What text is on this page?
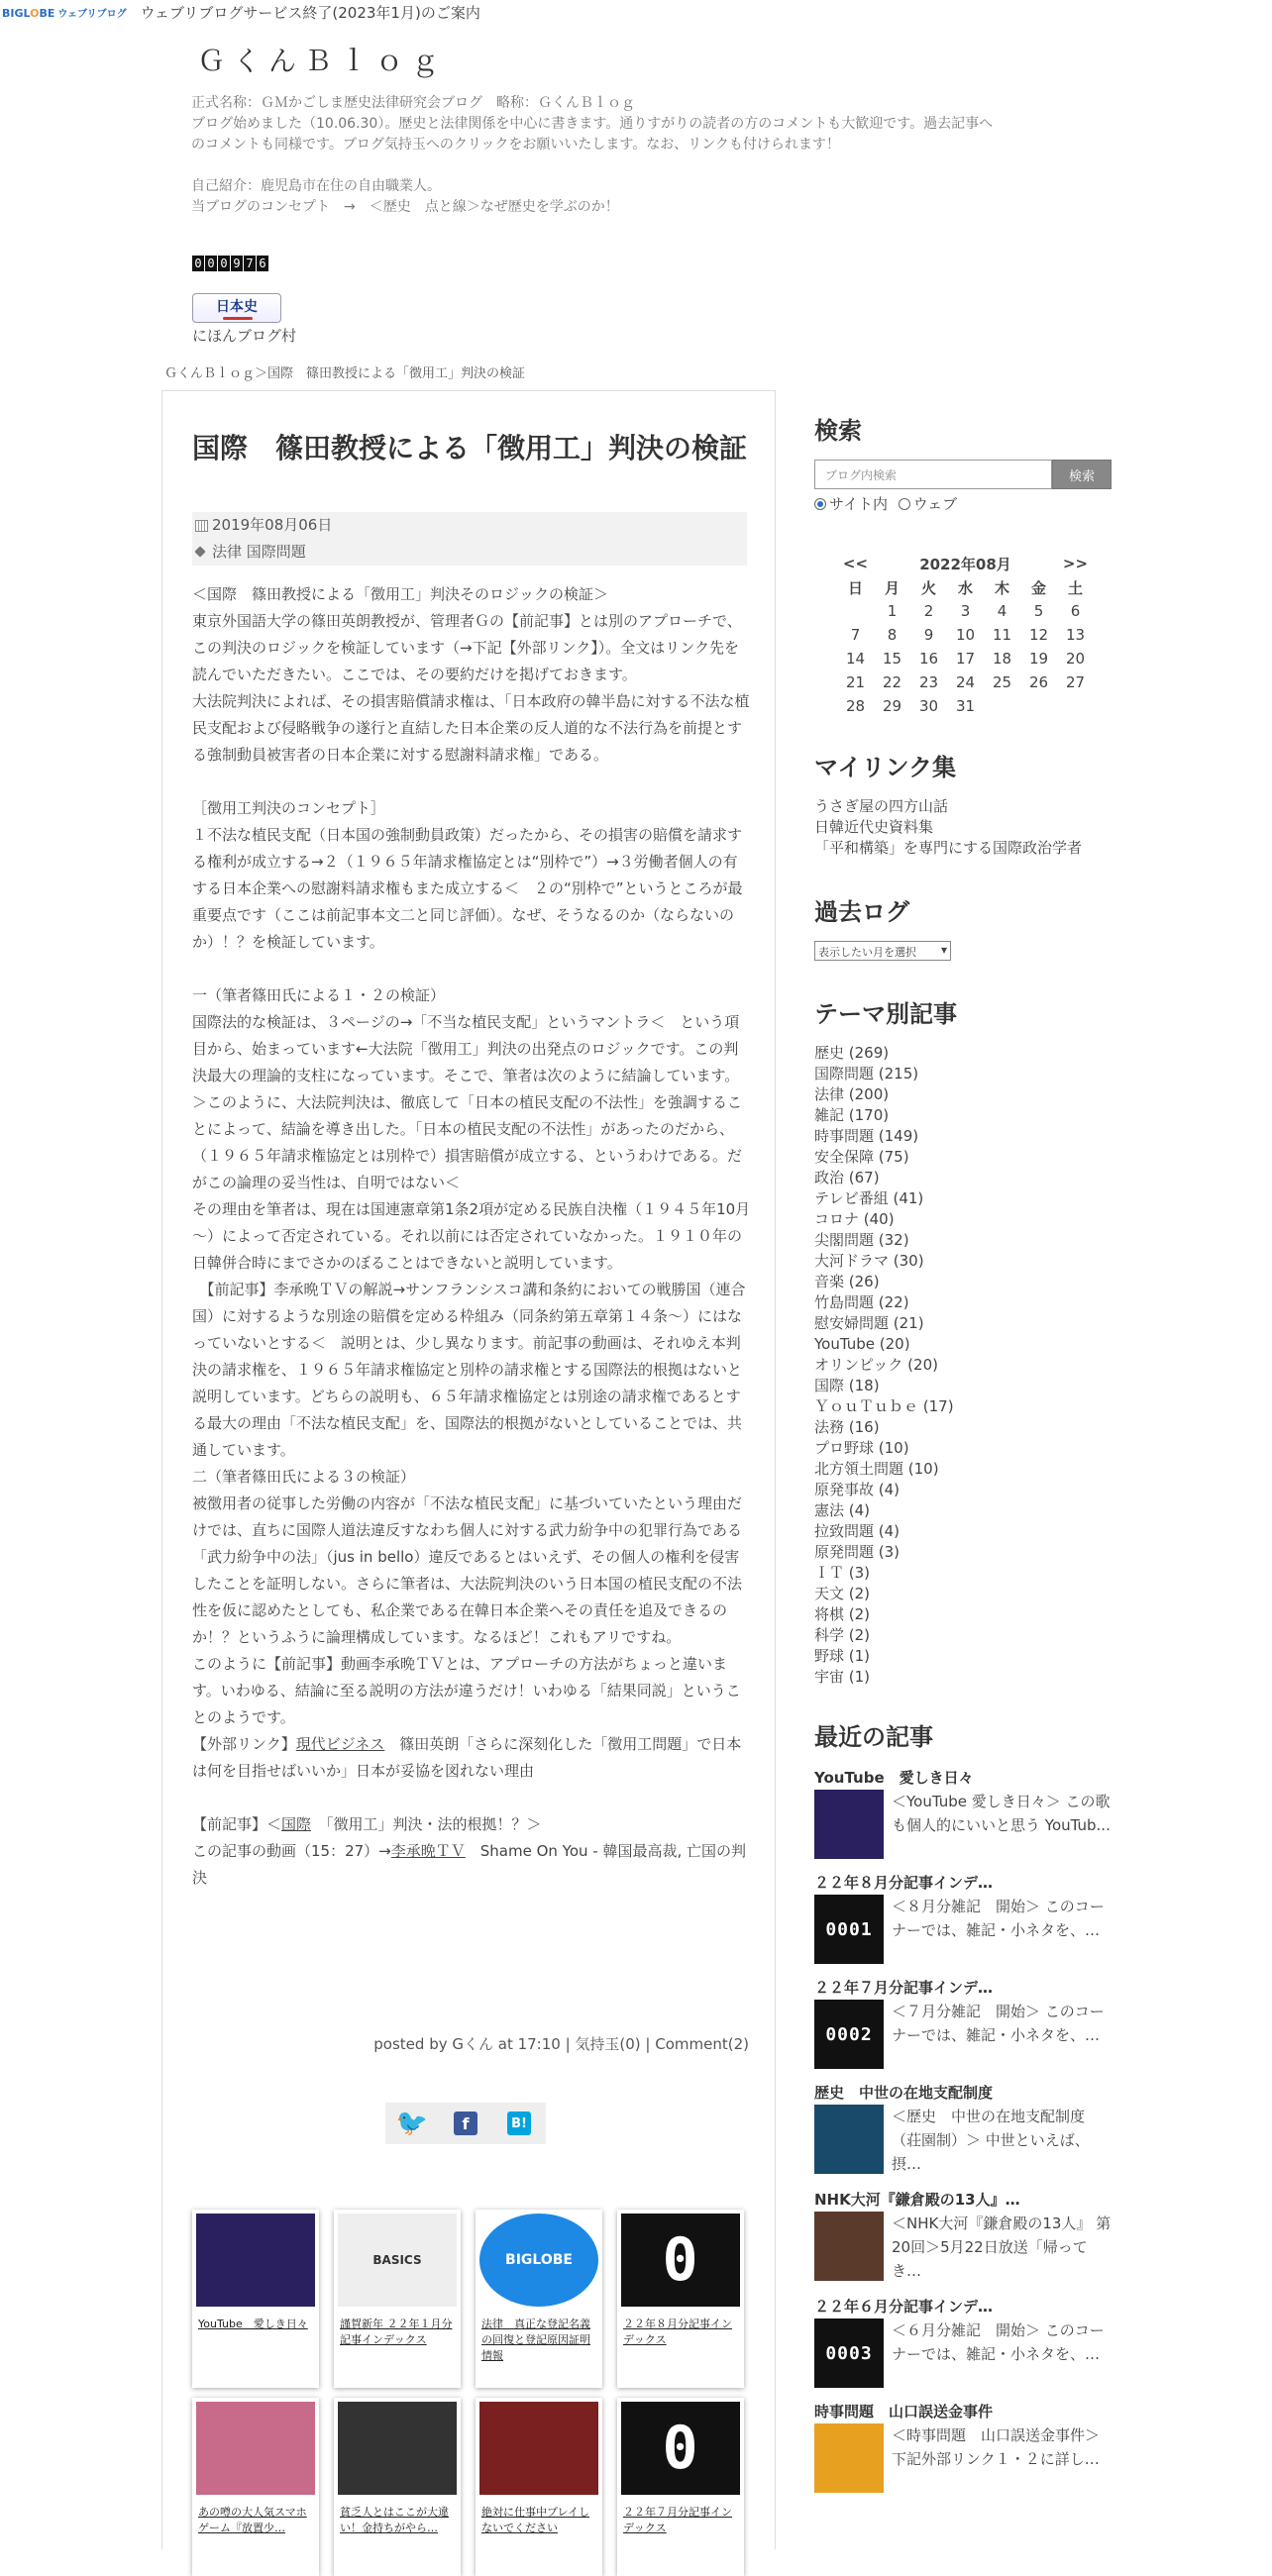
BIGLOBE ウェブリブログ ウェブリブログサービス終了(2023年1月)のご案内
ＧくんＢｌｏｇ
正式名称：ＧＭかごしま歴史法律研究会ブログ　略称：ＧくんＢｌｏｇ
ブログ始めました（10.06.30）。歴史と法律関係を中心に書きます。通りすがりの読者の方のコメントも大歓迎です。過去記事へ
のコメントも同様です。ブログ気持玉へのクリックをお願いいたします。なお、リンクも付けられます！

自己紹介：鹿児島市在住の自由職業人。
当ブログのコンセプト　→　＜歴史　点と線＞なぜ歴史を学ぶのか！
0 0 0 9 7 6
日本史
にほんブログ村
ＧくんＢｌｏｇ＞国際　篠田教授による「徴用工」判決の検証
国際　篠田教授による「徴用工」判決の検証
2019年08月06日
法律 国際問題

＜国際　篠田教授による「徴用工」判決そのロジックの検証＞
東京外国語大学の篠田英朗教授が、管理者Ｇの【前記事】とは別のアプローチで、この判決のロジックを検証しています（→下記【外部リンク】）。全文はリンク先を読んでいただきたい。ここでは、その要約だけを掲げておきます。
大法院判決によれば、その損害賠償請求権は、「日本政府の韓半島に対する不法な植民支配および侵略戦争の遂行と直結した日本企業の反人道的な不法行為を前提とする強制動員被害者の日本企業に対する慰謝料請求権」である。

［徴用工判決のコンセプト］
１不法な植民支配（日本国の強制動員政策）だったから、その損害の賠償を請求する権利が成立する→２（１９６５年請求権協定とは“別枠で”）→３労働者個人の有する日本企業への慰謝料請求権もまた成立する＜　２の“別枠で”というところが最重要点です（ここは前記事本文二と同じ評価）。なぜ、そうなるのか（ならないのか）！？を検証しています。

一（筆者篠田氏による１・２の検証）
国際法的な検証は、３ページの→「不当な植民支配」というマントラ＜　という項目から、始まっています←大法院「徴用工」判決の出発点のロジックです。この判決最大の理論的支柱になっています。そこで、筆者は次のように結論しています。
＞このように、大法院判決は、徹底して「日本の植民支配の不法性」を強調することによって、結論を導き出した。「日本の植民支配の不法性」があったのだから、（１９６５年請求権協定とは別枠で）損害賠償が成立する、というわけである。だがこの論理の妥当性は、自明ではない＜
その理由を筆者は、現在は国連憲章第1条2項が定める民族自決権（１９４５年10月～）によって否定されている。それ以前には否定されていなかった。１９１０年の日韓併合時にまでさかのぼることはできないと説明しています。
　【前記事】李承晩ＴＶの解説→サンフランシスコ講和条約においての戦勝国（連合国）に対するような別途の賠償を定める枠組み（同条約第五章第１４条～）にはなっていないとする＜　説明とは、少し異なります。前記事の動画は、それゆえ本判決の請求権を、１９６５年請求権協定と別枠の請求権とする国際法的根拠はないと説明しています。どちらの説明も、６５年請求権協定とは別途の請求権であるとする最大の理由「不法な植民支配」を、国際法的根拠がないとしていることでは、共通しています。
二（筆者篠田氏による３の検証）
被徴用者の従事した労働の内容が「不法な植民支配」に基づいていたという理由だけでは、直ちに国際人道法違反すなわち個人に対する武力紛争中の犯罪行為である「武力紛争中の法」（jus in bello）違反であるとはいえず、その個人の権利を侵害したことを証明しない。さらに筆者は、大法院判決のいう日本国の植民支配の不法性を仮に認めたとしても、私企業である在韓日本企業へその責任を追及できるのか！？というふうに論理構成しています。なるほど！これもアリですね。
このように【前記事】動画李承晩ＴＶとは、アプローチの方法がちょっと違います。いわゆる、結論に至る説明の方法が違うだけ！いわゆる「結果同説」ということのようです。

【外部リンク】現代ビジネス　篠田英朗「さらに深刻化した「徴用工問題」で日本は何を目指せばいいか」日本が妥協を図れない理由

【前記事】＜国際　「徴用工」判決・法的根拠！？＞

この記事の動画（15：27）→李承晩ＴＶ　Shame On You - 韓国最高裁, 亡国の判決

posted by Gくん at 17:10 | 気持玉(0) | Comment(2)
🐦	f	B!
YouTube　愛しき日々
BASICS
謹賀新年 ２２年１月分記事インデックス
BIGLOBE
法律　真正な登記名義の回復と登記原因証明情報
0
２２年８月分記事インデックス
あの噂の大人気スマホゲーム『放置少…
貧乏人とはここが大違い！金持ちがやら…
絶対に仕事中プレイしないでください
0
２２年７月分記事インデックス
検索
ブログ内検索	検索
サイト内 ウェブ
<<	2022年08月					>>
日	月	火	水	木	金	土
	1	2	3	4	5	6
7	8	9	10	11	12	13
14	15	16	17	18	19	20
21	22	23	24	25	26	27
28	29	30	31			
マイリンク集
うさぎ屋の四方山話
日韓近代史資料集
「平和構築」を専門にする国際政治学者
過去ログ
表示したい月を選択 ▾
テーマ別記事
歴史 (269)
国際問題 (215)
法律 (200)
雑記 (170)
時事問題 (149)
安全保障 (75)
政治 (67)
テレビ番組 (41)
コロナ (40)
尖閣問題 (32)
大河ドラマ (30)
音楽 (26)
竹島問題 (22)
慰安婦問題 (21)
YouTube (20)
オリンピック (20)
国際 (18)
ＹｏｕＴｕｂｅ (17)
法務 (16)
プロ野球 (10)
北方領土問題 (10)
原発事故 (4)
憲法 (4)
拉致問題 (4)
原発問題 (3)
ＩＴ (3)
天文 (2)
将棋 (2)
科学 (2)
野球 (1)
宇宙 (1)
最近の記事
YouTube　愛しき日々
＜YouTube 愛しき日々＞ この歌も個人的にいいと思う YouTub...
２２年８月分記事インデ…
0001
＜８月分雑記　開始＞ このコーナーでは、雑記・小ネタを、…
２２年７月分記事インデ…
0002
＜７月分雑記　開始＞ このコーナーでは、雑記・小ネタを、…
歴史　中世の在地支配制度
＜歴史　中世の在地支配制度（荘園制）＞ 中世といえば、摂…
NHK大河『鎌倉殿の13人』…
＜NHK大河『鎌倉殿の13人』 第20回＞5月22日放送「帰ってき…
２２年６月分記事インデ…
0003
＜６月分雑記　開始＞ このコーナーでは、雑記・小ネタを、…
時事問題　山口誤送金事件
＜時事問題　山口誤送金事件＞ 下記外部リンク１・２に詳し…
